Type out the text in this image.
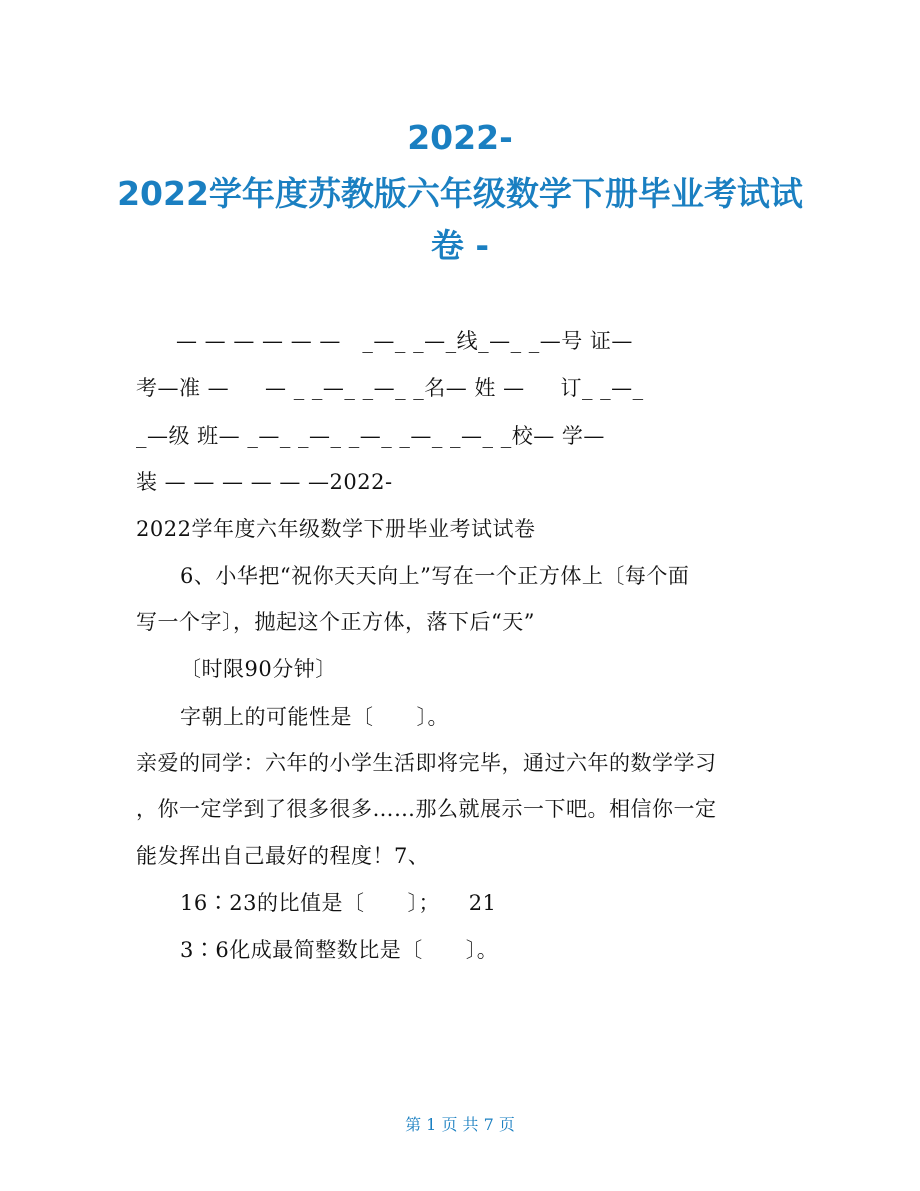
2022-
2022学年度苏教版六年级数学下册毕业考试试
卷 -
— — — — — —   _—_ _—_线_—_ _—号 证—
考—准 —     — _ _—_ _—_ _名— 姓 —     订_ _—_
_—级 班— _—_ _—_ _—_ _—_ _—_ _校— 学—
装 — — — — — —2022-
2022学年度六年级数学下册毕业考试试卷
6、小华把“祝你天天向上”写在一个正方体上〔每个面
写一个字〕，抛起这个正方体，落下后“天”
〔时限90分钟〕
字朝上的可能性是〔      〕。
亲爱的同学：六年的小学生活即将完毕，通过六年的数学学习
，你一定学到了很多很多……那么就展示一下吧。相信你一定
能发挥出自己最好的程度！7、
16∶23的比值是〔      〕；    21
3∶6化成最简整数比是〔      〕。
第 1 页 共 7 页
